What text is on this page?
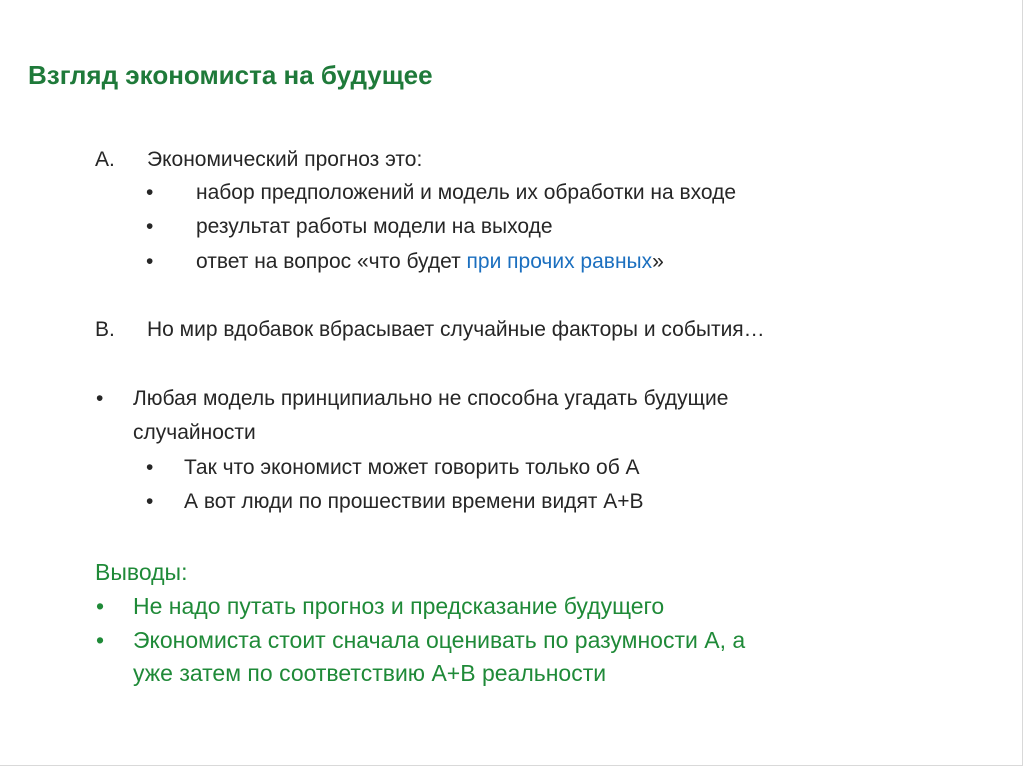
Взгляд экономиста на будущее
A. Экономический прогноз это:
• набор предположений и модель их обработки на входе
• результат работы модели на выходе
• ответ на вопрос «что будет при прочих равных»
B. Но мир вдобавок вбрасывает случайные факторы и события…
• Любая модель принципиально не способна угадать будущие
случайности
• Так что экономист может говорить только об А
• А вот люди по прошествии времени видят А+В
Выводы:
• Не надо путать прогноз и предсказание будущего
• Экономиста стоит сначала оценивать по разумности А, а
уже затем по соответствию А+В реальности
